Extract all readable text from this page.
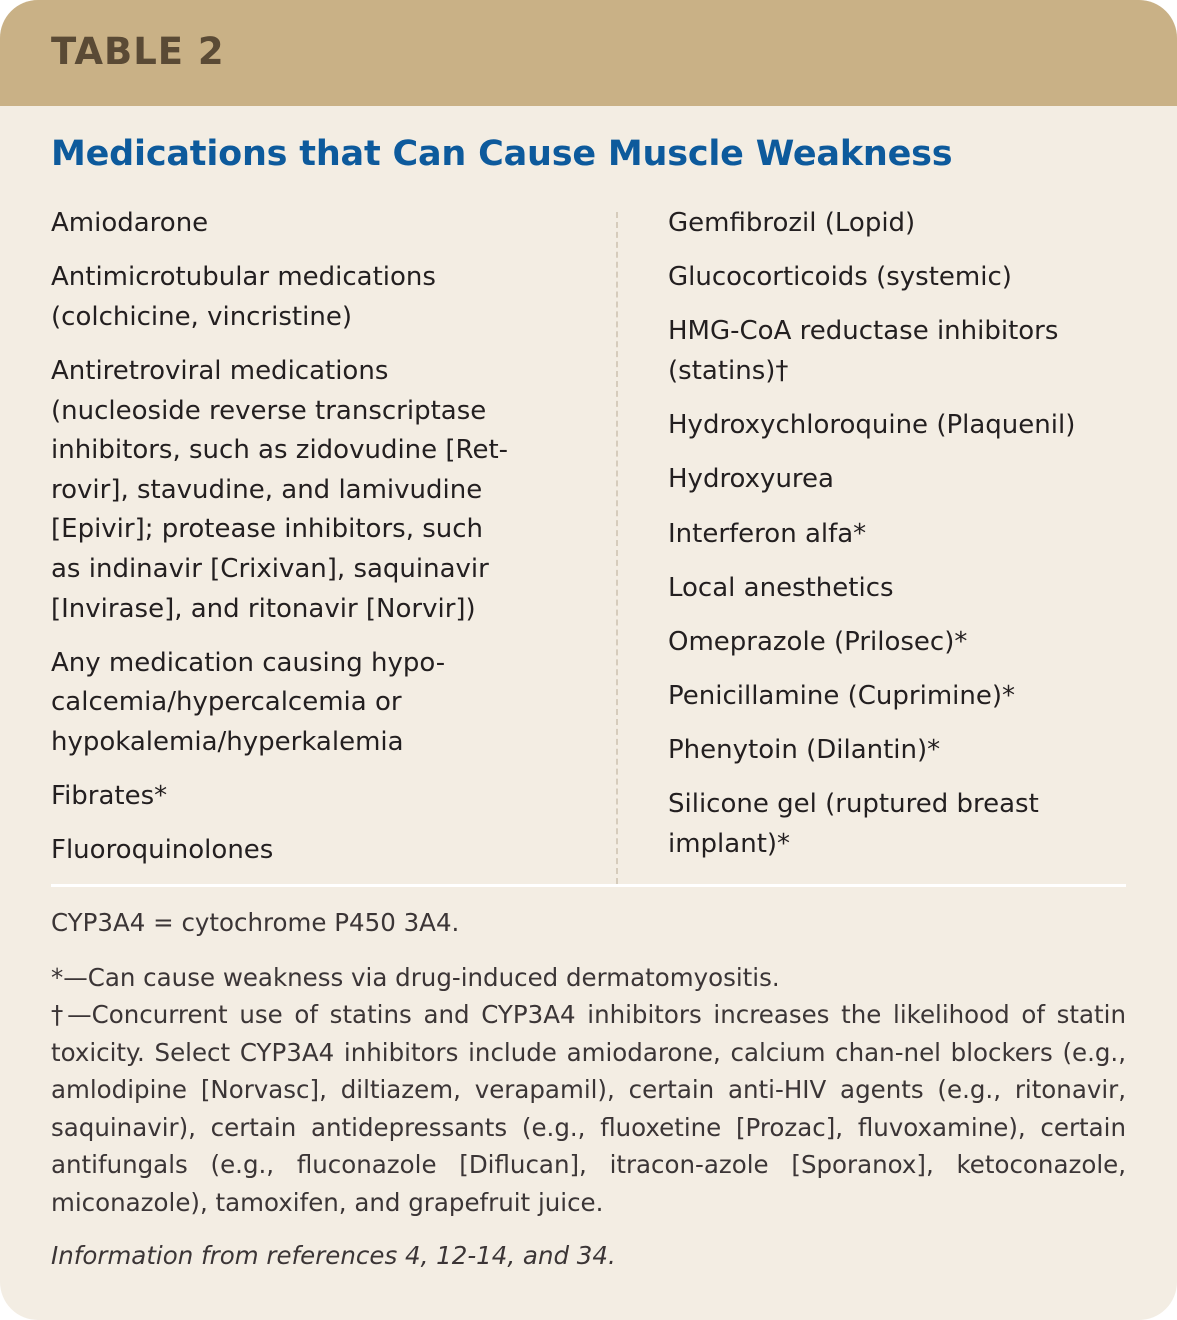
TABLE 2
Medications that Can Cause Muscle Weakness
Amiodarone
Antimicrotubular medications
(colchicine, vincristine)
Antiretroviral medications
(nucleoside reverse transcriptase
inhibitors, such as zidovudine [Ret-
rovir], stavudine, and lamivudine
[Epivir]; protease inhibitors, such
as indinavir [Crixivan], saquinavir
[Invirase], and ritonavir [Norvir])
Any medication causing hypo-
calcemia/hypercalcemia or
hypokalemia/hyperkalemia
Fibrates*
Fluoroquinolones
Gemfibrozil (Lopid)
Glucocorticoids (systemic)
HMG-CoA reductase inhibitors
(statins)†
Hydroxychloroquine (Plaquenil)
Hydroxyurea
Interferon alfa*
Local anesthetics
Omeprazole (Prilosec)*
Penicillamine (Cuprimine)*
Phenytoin (Dilantin)*
Silicone gel (ruptured breast
implant)*

CYP3A4 = cytochrome P450 3A4.

*—Can cause weakness via drug-induced dermatomyositis.

†—Concurrent use of statins and CYP3A4 inhibitors increases the likelihood of statin toxicity. Select CYP3A4 inhibitors include amiodarone, calcium chan-nel blockers (e.g., amlodipine [Norvasc], diltiazem, verapamil), certain anti-HIV agents (e.g., ritonavir, saquinavir), certain antidepressants (e.g., fluoxetine [Prozac], fluvoxamine), certain antifungals (e.g., fluconazole [Diflucan], itracon-azole [Sporanox], ketoconazole, miconazole), tamoxifen, and grapefruit juice.

Information from references 4, 12-14, and 34.
